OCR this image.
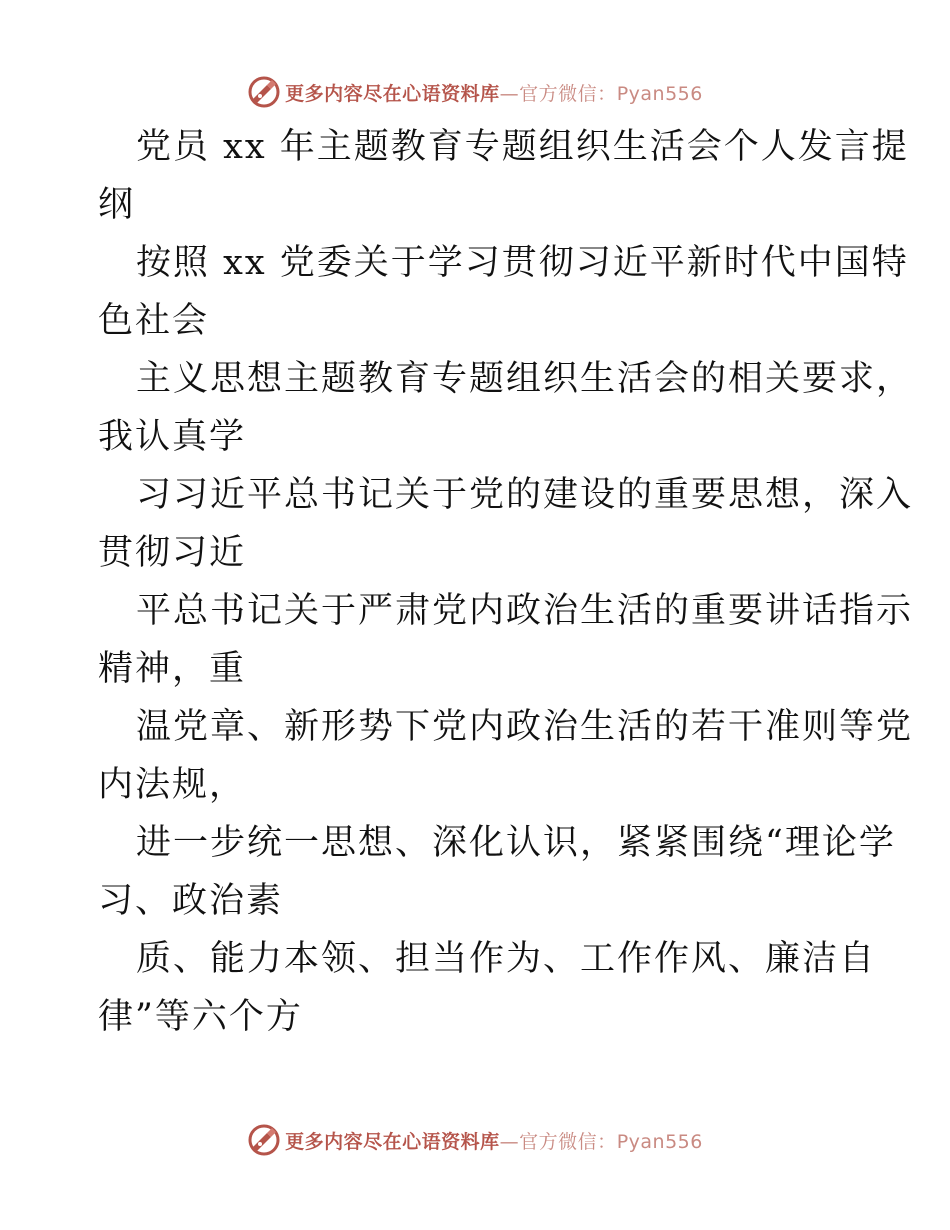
更多内容尽在心语资料库—官方微信：Pyan556
党员 xx 年主题教育专题组织生活会个人发言提
纲
按照 xx 党委关于学习贯彻习近平新时代中国特
色社会
主义思想主题教育专题组织生活会的相关要求，
我认真学
习习近平总书记关于党的建设的重要思想，深入
贯彻习近
平总书记关于严肃党内政治生活的重要讲话指示
精神，重
温党章、新形势下党内政治生活的若干准则等党
内法规，
进一步统一思想、深化认识，紧紧围绕“理论学
习、政治素
质、能力本领、担当作为、工作作风、廉洁自
律”等六个方
更多内容尽在心语资料库—官方微信：Pyan556
